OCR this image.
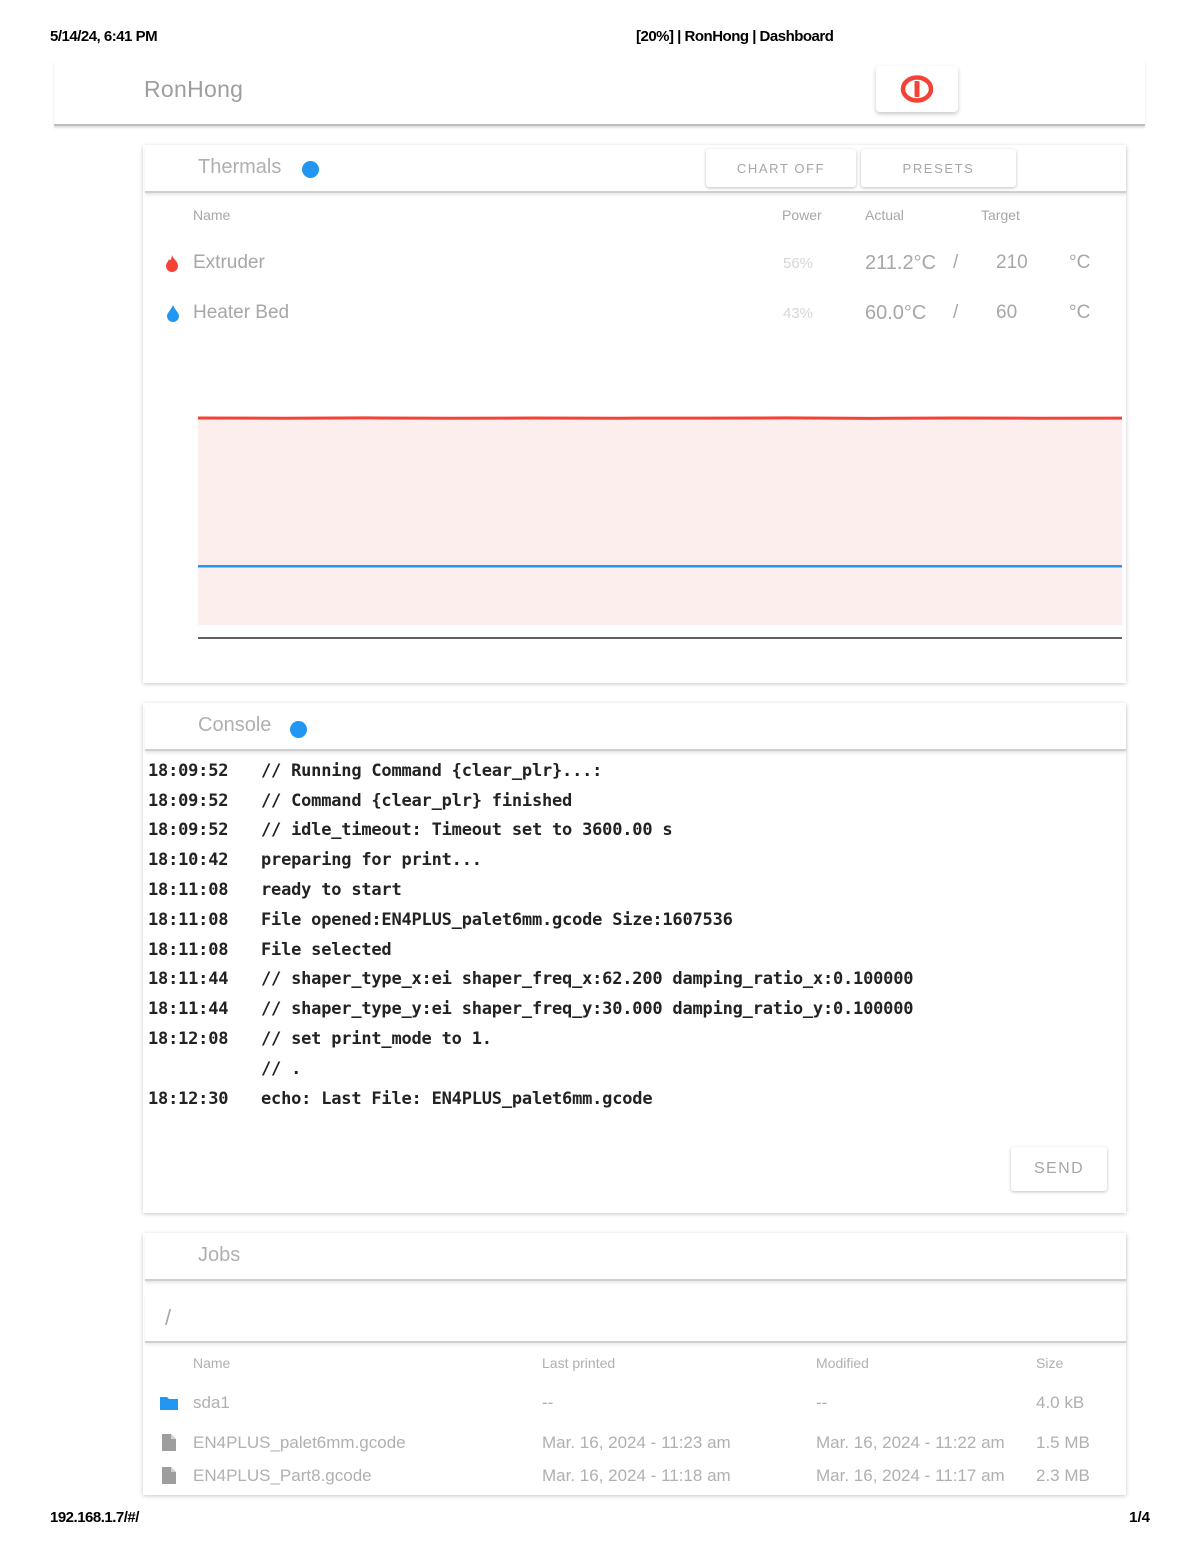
5/14/24, 6:41 PM	[20%] | RonHong | Dashboard
RonHong
Thermals	CHART OFF	PRESETS
Name	Power	Actual	Target
Extruder	56%	211.2°C / 210 °C
Heater Bed	43%	60.0°C / 60	°C
Console
18:09:52 // Running Command {clear_plr}...:
18:09:52 // Command {clear_plr} finished
18:09:52 // idle_timeout: Timeout set to 3600.00 s
18:10:42 preparing for print...
18:11:08 ready to start
18:11:08 File opened:EN4PLUS_palet6mm.gcode Size:1607536
18:11:08 File selected
18:11:44 // shaper_type_x:ei shaper_freq_x:62.200 damping_ratio_x:0.100000
18:11:44 // shaper_type_y:ei shaper_freq_y:30.000 damping_ratio_y:0.100000
18:12:08 // set print_mode to 1.
// .
18:12:30 echo: Last File: EN4PLUS_palet6mm.gcode
SEND
Jobs
/
Name	Last printed	Modified	Size
sda1	--	--	4.0 kB
EN4PLUS_palet6mm.gcode	Mar. 16, 2024 - 11:23 am	Mar. 16, 2024 - 11:22 am 1.5 MB
EN4PLUS_Part8.gcode	Mar. 16, 2024 - 11:18 am	Mar. 16, 2024 - 11:17 am 2.3 MB
192.168.1.7/#/	1/4
